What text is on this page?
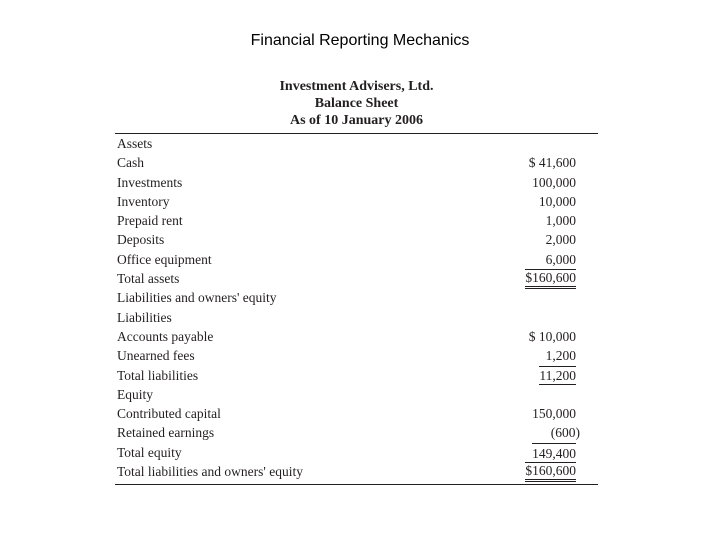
Financial Reporting Mechanics
Investment Advisers, Ltd.
Balance Sheet
As of 10 January 2006
Assets
Cash	$ 41,600
Investments	100,000
Inventory	10,000
Prepaid rent	1,000
Deposits	2,000
Office equipment	6,000
Total assets	$160,600
Liabilities and owners' equity
Liabilities
Accounts payable	$ 10,000
Unearned fees	1,200
Total liabilities	11,200
Equity
Contributed capital	150,000
Retained earnings	(600)
Total equity	149,400
Total liabilities and owners' equity	$160,600
